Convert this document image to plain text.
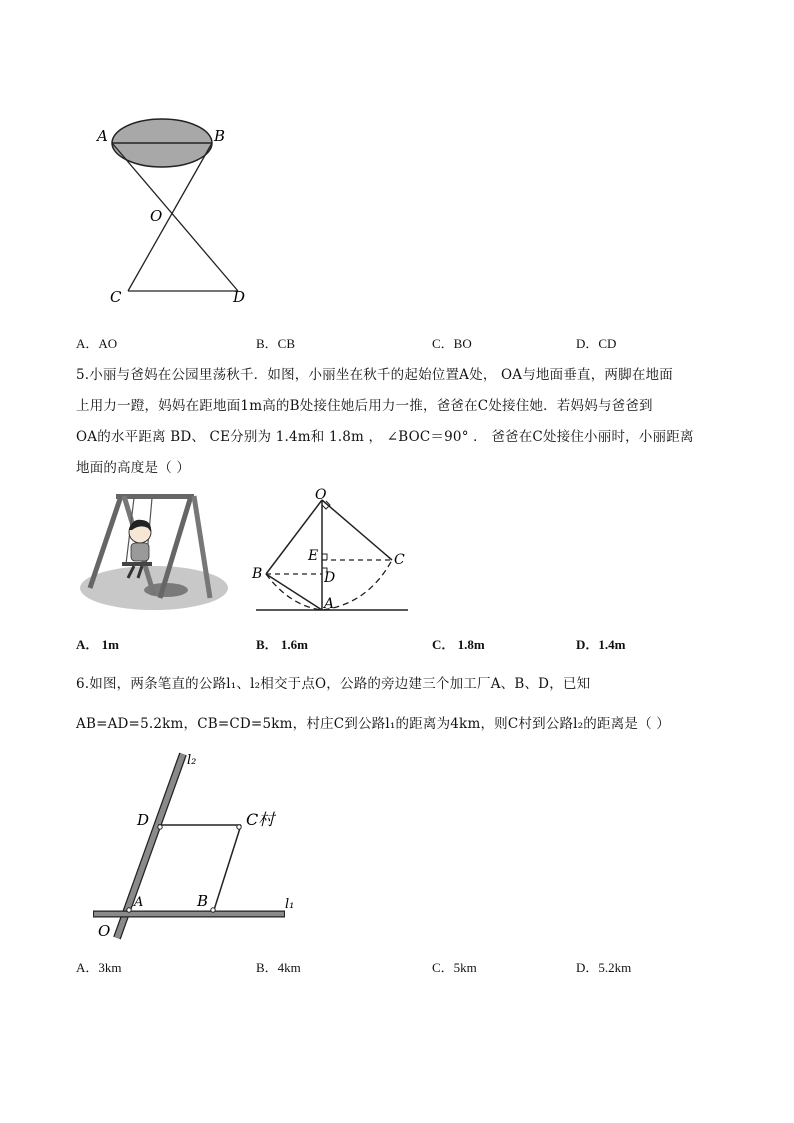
A	B
O
C	D
A．AO	B．CB	C．BO	D．CD
5.小丽与爸妈在公园里荡秋千．如图，小丽坐在秋千的起始位置A处， OA与地面垂直，两脚在地面
上用力一蹬，妈妈在距地面1m高的B处接住她后用力一推，爸爸在C处接住她．若妈妈与爸爸到
OA的水平距离 BD、 CE分别为 1.4m和 1.8m ， ∠BOC＝90° ． 爸爸在C处接住小丽时，小丽距离
地面的高度是（ ）
O
E	C
B	D
A
A． 1m	B． 1.6m	C． 1.8m	D．1.4m
6.如图，两条笔直的公路l₁、l₂相交于点O，公路的旁边建三个加工厂A、B、D，已知
AB=AD=5.2km，CB=CD=5km，村庄C到公路l₁的距离为4km，则C村到公路l₂的距离是（ ）
l₂
l₁
D	C村
A	B
O
A．3km	B．4km	C．5km	D．5.2km
